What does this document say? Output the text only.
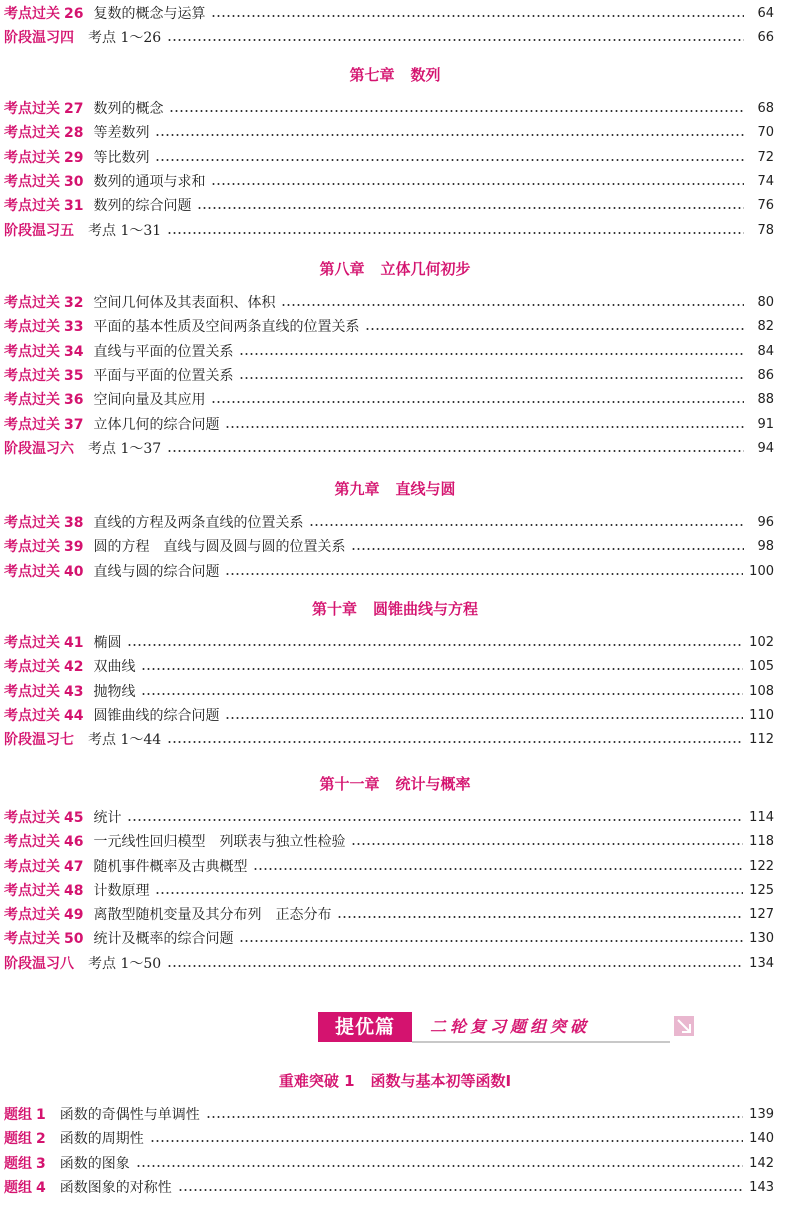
考点过关 26 复数的概念与运算	64
阶段温习四 考点 1～26	66
第七章 数列
考点过关 27 数列的概念	68
考点过关 28 等差数列	70
考点过关 29 等比数列	72
考点过关 30 数列的通项与求和	74
考点过关 31 数列的综合问题	76
阶段温习五 考点 1～31	78
第八章 立体几何初步
考点过关 32 空间几何体及其表面积、体积	80
考点过关 33 平面的基本性质及空间两条直线的位置关系	82
考点过关 34 直线与平面的位置关系	84
考点过关 35 平面与平面的位置关系	86
考点过关 36 空间向量及其应用	88
考点过关 37 立体几何的综合问题	91
阶段温习六 考点 1～37	94
第九章 直线与圆
考点过关 38 直线的方程及两条直线的位置关系	96
考点过关 39 圆的方程　直线与圆及圆与圆的位置关系	98
考点过关 40 直线与圆的综合问题	100
第十章 圆锥曲线与方程
考点过关 41 椭圆	102
考点过关 42 双曲线	105
考点过关 43 抛物线	108
考点过关 44 圆锥曲线的综合问题	110
阶段温习七 考点 1～44	112
第十一章 统计与概率
考点过关 45 统计	114
考点过关 46 一元线性回归模型　列联表与独立性检验	118
考点过关 47 随机事件概率及古典概型	122
考点过关 48 计数原理	125
考点过关 49 离散型随机变量及其分布列　正态分布	127
考点过关 50 统计及概率的综合问题	130
阶段温习八 考点 1～50	134
重难突破 1 函数与基本初等函数Ⅰ
题组 1 函数的奇偶性与单调性	139
题组 2 函数的周期性	140
题组 3 函数的图象	142
题组 4 函数图象的对称性	143
提优篇	二轮复习题组突破
